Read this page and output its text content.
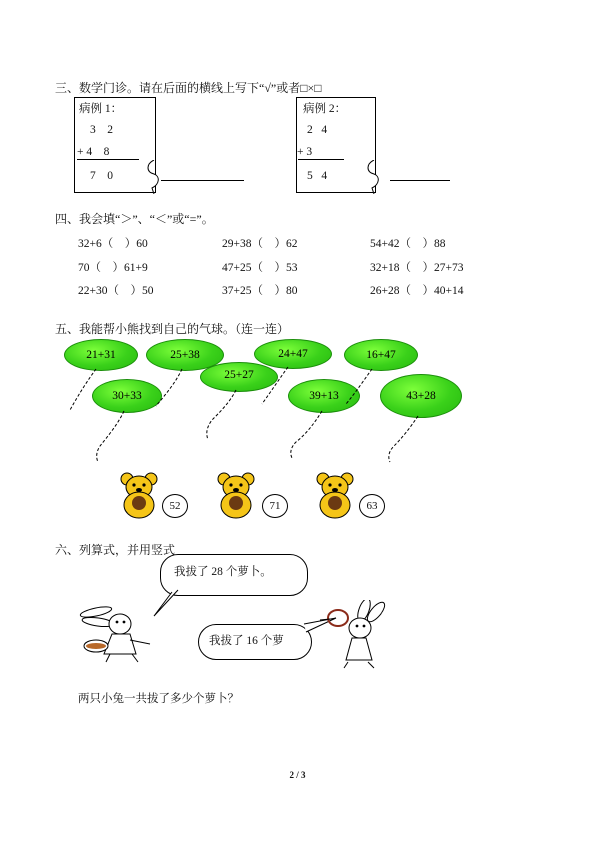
三、数学门诊。请在后面的横线上写下“√”或者□×□
病例 1：
3    2
+ 4    8
7    0
病例 2：
2   4
+ 3
5   4
四、我会填“＞”、“＜”或“=”。
32+6（    ）60	29+38（    ）62	54+42（    ）88
70（    ）61+9	47+25（    ）53	32+18（    ）27+73
22+30（    ）50	37+25（    ）80	26+28（    ）40+14
五、我能帮小熊找到自己的气球。（连一连）
21+31	25+38	24+47	16+47
25+27
30+33	39+13	43+28
52	71	63
六、列算式，并用竖式
我拔了 28 个萝卜。
我拔了 16 个萝
两只小兔一共拔了多少个萝卜？
2 / 3
